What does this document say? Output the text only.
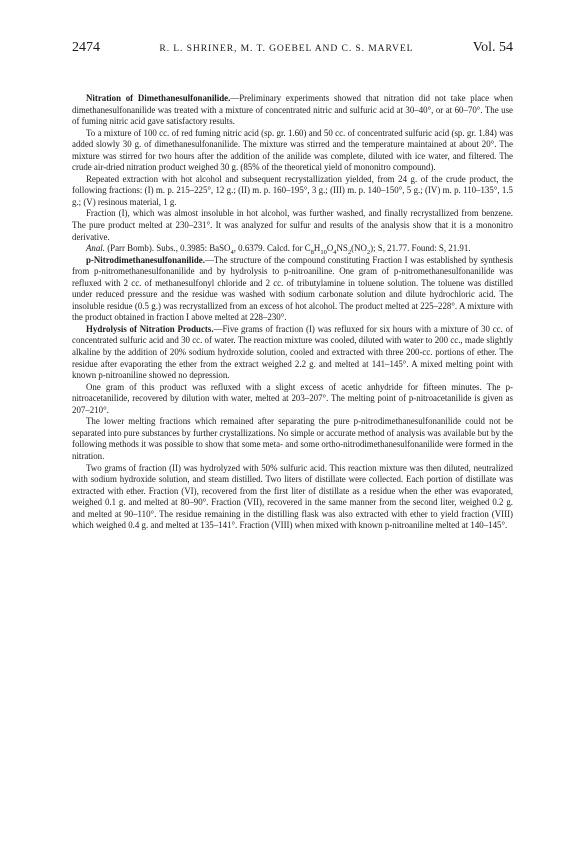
2474	R. L. SHRINER, M. T. GOEBEL AND C. S. MARVEL	Vol. 54

Nitration of Dimethanesulfonanilide.—Preliminary experiments showed that nitration did not take place when dimethanesulfonanilide was treated with a mixture of concentrated nitric and sulfuric acid at 30–40°, or at 60–70°. The use of fuming nitric acid gave satisfactory results.

To a mixture of 100 cc. of red fuming nitric acid (sp. gr. 1.60) and 50 cc. of concentrated sulfuric acid (sp. gr. 1.84) was added slowly 30 g. of dimethanesulfonanilide. The mixture was stirred and the temperature maintained at about 20°. The mixture was stirred for two hours after the addition of the anilide was complete, diluted with ice water, and filtered. The crude air-dried nitration product weighed 30 g. (85% of the theoretical yield of mononitro compound).

Repeated extraction with hot alcohol and subsequent recrystallization yielded, from 24 g. of the crude product, the following fractions: (I) m. p. 215–225°, 12 g.; (II) m. p. 160–195°, 3 g.; (III) m. p. 140–150°, 5 g.; (IV) m. p. 110–135°, 1.5 g.; (V) resinous material, 1 g.

Fraction (I), which was almost insoluble in hot alcohol, was further washed, and finally recrystallized from benzene. The pure product melted at 230–231°. It was analyzed for sulfur and results of the analysis show that it is a mononitro derivative.

Anal. (Parr Bomb). Subs., 0.3985: BaSO$_4$, 0.6379. Calcd. for $C_8H_{10}O_4NS_2(NO_2)$; S, 21.77. Found: S, 21.91.

p-Nitrodimethanesulfonanilide.—The structure of the compound constituting Fraction I was established by synthesis from p-nitromethanesulfonanilide and by hydrolysis to p-nitroaniline. One gram of p-nitromethanesulfonanilide was refluxed with 2 cc. of methanesulfonyl chloride and 2 cc. of tributylamine in toluene solution. The toluene was distilled under reduced pressure and the residue was washed with sodium carbonate solution and dilute hydrochloric acid. The insoluble residue (0.5 g.) was recrystallized from an excess of hot alcohol. The product melted at 225–228°. A mixture with the product obtained in fraction I above melted at 228–230°.

Hydrolysis of Nitration Products.—Five grams of fraction (I) was refluxed for six hours with a mixture of 30 cc. of concentrated sulfuric acid and 30 cc. of water. The reaction mixture was cooled, diluted with water to 200 cc., made slightly alkaline by the addition of 20% sodium hydroxide solution, cooled and extracted with three 200-cc. portions of ether. The residue after evaporating the ether from the extract weighed 2.2 g. and melted at 141–145°. A mixed melting point with known p-nitroaniline showed no depression.

One gram of this product was refluxed with a slight excess of acetic anhydride for fifteen minutes. The p-nitroacetanilide, recovered by dilution with water, melted at 203–207°. The melting point of p-nitroacetanilide is given as 207–210°.

The lower melting fractions which remained after separating the pure p-nitrodimethanesulfonanilide could not be separated into pure substances by further crystallizations. No simple or accurate method of analysis was available but by the following methods it was possible to show that some meta- and some ortho-nitrodimethanesulfonanilide were formed in the nitration.

Two grams of fraction (II) was hydrolyzed with 50% sulfuric acid. This reaction mixture was then diluted, neutralized with sodium hydroxide solution, and steam distilled. Two liters of distillate were collected. Each portion of distillate was extracted with ether. Fraction (VI), recovered from the first liter of distillate as a residue when the ether was evaporated, weighed 0.1 g. and melted at 80–90°. Fraction (VII), recovered in the same manner from the second liter, weighed 0.2 g. and melted at 90–110°. The residue remaining in the distilling flask was also extracted with ether to yield fraction (VIII) which weighed 0.4 g. and melted at 135–141°. Fraction (VIII) when mixed with known p-nitroaniline melted at 140–145°.
